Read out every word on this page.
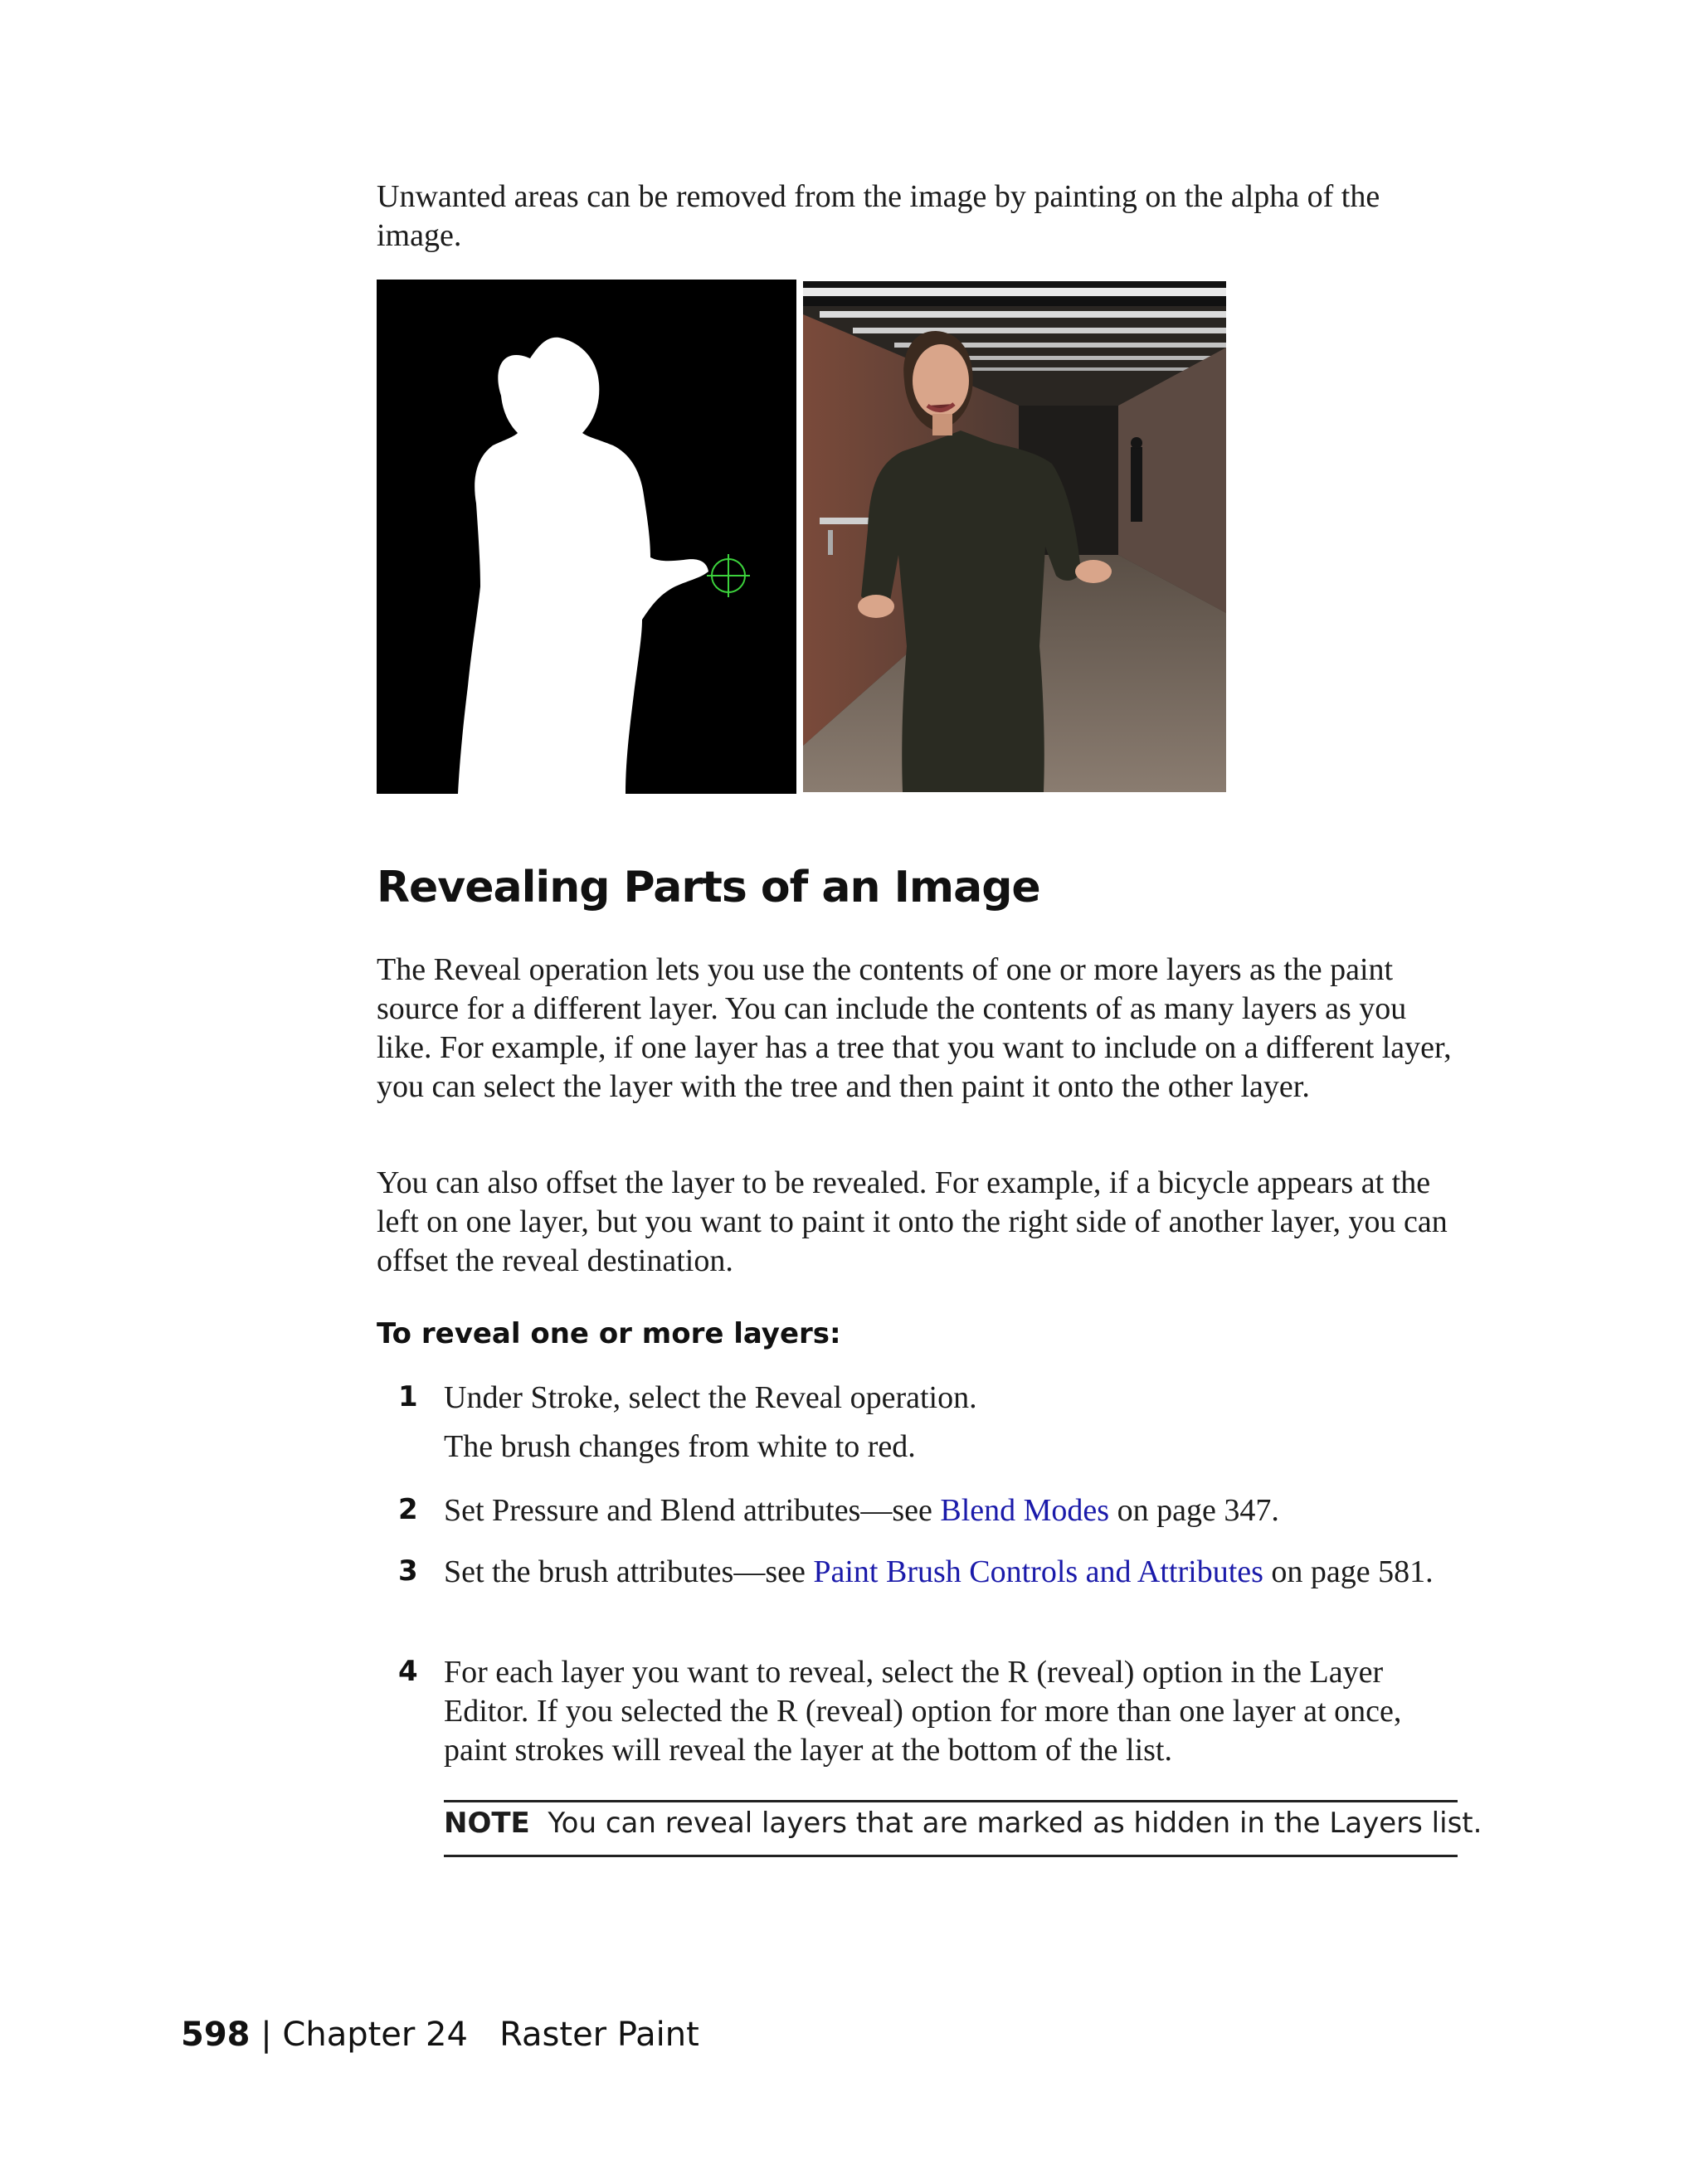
Unwanted areas can be removed from the image by painting on the alpha of the image.
Revealing Parts of an Image
The Reveal operation lets you use the contents of one or more layers as the paint source for a different layer. You can include the contents of as many layers as you like. For example, if one layer has a tree that you want to include on a different layer, you can select the layer with the tree and then paint it onto the other layer.
You can also offset the layer to be revealed. For example, if a bicycle appears at the left on one layer, but you want to paint it onto the right side of another layer, you can offset the reveal destination.
To reveal one or more layers:
1 Under Stroke, select the Reveal operation.
The brush changes from white to red.
2 Set Pressure and Blend attributes—see Blend Modes on page 347.
3 Set the brush attributes—see Paint Brush Controls and Attributes on page 581.
4 For each layer you want to reveal, select the R (reveal) option in the Layer Editor. If you selected the R (reveal) option for more than one layer at once, paint strokes will reveal the layer at the bottom of the list.
NOTE You can reveal layers that are marked as hidden in the Layers list.
598 | Chapter 24 Raster Paint
